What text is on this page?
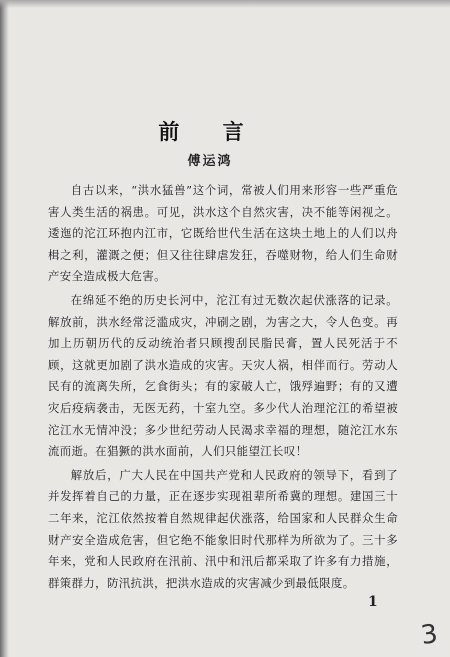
前 言

傅运鸿

自古以来，“洪水猛兽”这个词，常被人们用来形容一些严重危害人类生活的祸患。可见，洪水这个自然灾害，决不能等闲视之。逶迤的沱江环抱内江市，它既给世代生活在这块土地上的人们以舟楫之利，灌溉之便；但又往往肆虐发狂，吞噬财物，给人们生命财产安全造成极大危害。

在绵延不绝的历史长河中，沱江有过无数次起伏涨落的记录。解放前，洪水经常泛滥成灾，冲刷之剧，为害之大，令人色变。再加上历朝历代的反动统治者只顾搜刮民脂民膏，置人民死活于不顾，这就更加剧了洪水造成的灾害。天灾人祸，相伴而行。劳动人民有的流离失所，乞食街头；有的家破人亡，饿殍遍野；有的又遭灾后疫病袭击，无医无药，十室九空。多少代人治理沱江的希望被沱江水无情冲没；多少世纪劳动人民渴求幸福的理想，随沱江水东流而逝。在猖獗的洪水面前，人们只能望江长叹！

解放后，广大人民在中国共产党和人民政府的领导下，看到了并发挥着自己的力量，正在逐步实现祖辈所希冀的理想。建国三十二年来，沱江依然按着自然规律起伏涨落，给国家和人民群众生命财产安全造成危害，但它绝不能象旧时代那样为所欲为了。三十多年来，党和人民政府在汛前、汛中和汛后都采取了许多有力措施，群策群力，防汛抗洪，把洪水造成的灾害减少到最低限度。

1
3
